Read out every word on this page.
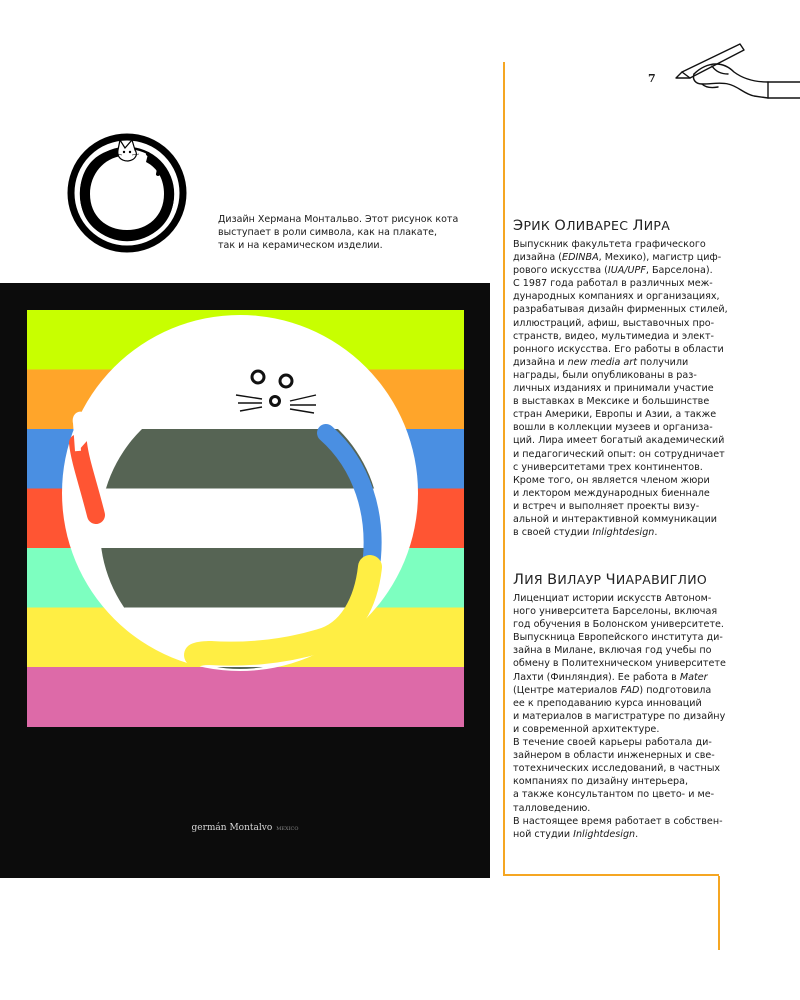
7
Дизайн Хермана Монтальво. Этот рисунок кота
выступает в роли символа, как на плакате,
так и на керамическом изделии.
germán Montalvo MEXICO
ЭРИК ОЛИВАРЕС ЛИРА

Выпускник факультета графического

дизайна (EDINBA, Мехико), магистр циф-

рового искусства (IUA/UPF, Барселона).

С 1987 года работал в различных меж-

дународных компаниях и организациях,

разрабатывая дизайн фирменных стилей,

иллюстраций, афиш, выставочных про-

странств, видео, мультимедиа и элект-

ронного искусства. Его работы в области

дизайна и new media art получили

награды, были опубликованы в раз-

личных изданиях и принимали участие

в выставках в Мексике и большинстве

стран Америки, Европы и Азии, а также

вошли в коллекции музеев и организа-

ций. Лира имеет богатый академический

и педагогический опыт: он сотрудничает

с университетами трех континентов.

Кроме того, он является членом жюри

и лектором международных биеннале

и встреч и выполняет проекты визу-

альной и интерактивной коммуникации

в своей студии Inlightdesign.

ЛИЯ ВИЛАУР ЧИАРАВИГЛИО

Лиценциат истории искусств Автоном-

ного университета Барселоны, включая

год обучения в Болонском университете.

Выпускница Европейского института ди-

зайна в Милане, включая год учебы по

обмену в Политехническом университете

Лахти (Финляндия). Ее работа в Mater

(Центре материалов FAD) подготовила

ее к преподаванию курса инноваций

и материалов в магистратуре по дизайну

и современной архитектуре.

В течение своей карьеры работала ди-

зайнером в области инженерных и све-

тотехнических исследований, в частных

компаниях по дизайну интерьера,

а также консультантом по цвето- и ме-

талловедению.

В настоящее время работает в собствен-

ной студии Inlightdesign.
